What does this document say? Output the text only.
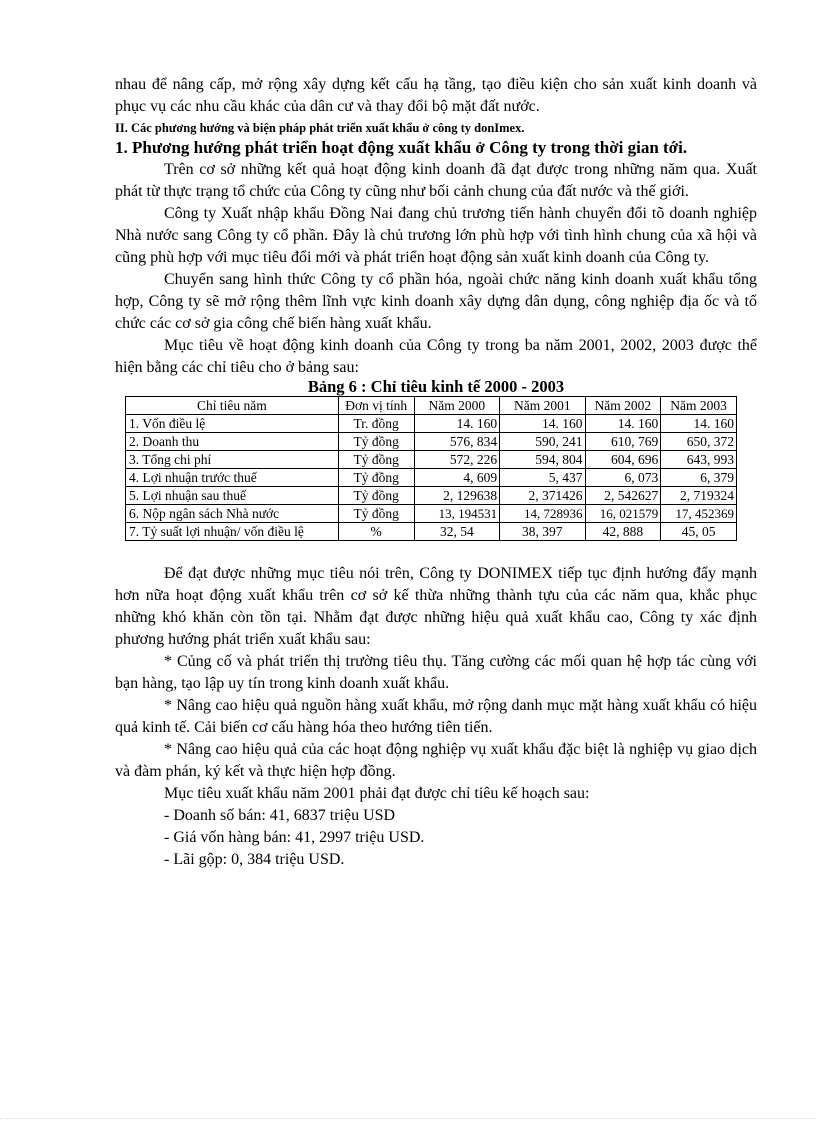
nhau để nâng cấp, mở rộng xây dựng kết cấu hạ tầng, tạo điều kiện cho sản xuất kinh doanh và phục vụ các nhu cầu khác của dân cư và thay đổi bộ mặt đất nước.

II. Các phương hướng và biện pháp phát triển xuất khẩu ở công ty donImex.

1. Phương hướng phát triển hoạt động xuất khẩu ở Công ty trong thời gian tới.

Trên cơ sở những kết quả hoạt động kinh doanh đã đạt được trong những năm qua. Xuất phát từ thực trạng tổ chức của Công ty cũng như bối cảnh chung của đất nước và thế giới.

Công ty Xuất nhập khẩu Đồng Nai đang chủ trương tiến hành chuyển đổi tõ doanh nghiệp Nhà nước sang Công ty cổ phần. Đây là chủ trương lớn phù hợp với tình hình chung của xã hội và cũng phù hợp với mục tiêu đổi mới và phát triển hoạt động sản xuất kinh doanh của Công ty.

Chuyển sang hình thức Công ty cổ phần hóa, ngoài chức năng kinh doanh xuất khẩu tổng hợp, Công ty sẽ mở rộng thêm lĩnh vực kinh doanh xây dựng dân dụng, công nghiệp địa ốc và tổ chức các cơ sở gia công chế biến hàng xuất khẩu.

Mục tiêu về hoạt động kinh doanh của Công ty trong ba năm 2001, 2002, 2003 được thể hiện bằng các chỉ tiêu cho ở bảng sau:

Bảng 6 : Chỉ tiêu kinh tế 2000 - 2003

Chỉ tiêu năm	Đơn vị tính	Năm 2000	Năm 2001	Năm 2002	Năm 2003
1. Vốn điều lệ	Tr. đồng	14. 160	14. 160	14. 160	14. 160
2. Doanh thu	Tỷ đồng	576, 834	590, 241	610, 769	650, 372
3. Tổng chi phí	Tỷ đồng	572, 226	594, 804	604, 696	643, 993
4. Lợi nhuận trước thuế	Tỷ đồng	4, 609	5, 437	6, 073	6, 379
5. Lợi nhuận sau thuế	Tỷ đồng	2, 129638	2, 371426	2, 542627	2, 719324
6. Nộp ngân sách Nhà nước	Tỷ đồng	13, 194531	14, 728936	16, 021579	17, 452369
7. Tỷ suất lợi nhuận/ vốn điều lệ	%	32, 54	38, 397	42, 888	45, 05

Để đạt được những mục tiêu nói trên, Công ty DONIMEX tiếp tục định hướng đẩy mạnh hơn nữa hoạt động xuất khẩu trên cơ sở kế thừa những thành tựu của các năm qua, khắc phục những khó khăn còn tồn tại. Nhằm đạt được những hiệu quả xuất khẩu cao, Công ty xác định phương hướng phát triển xuất khẩu sau:

* Củng cố và phát triển thị trường tiêu thụ. Tăng cường các mối quan hệ hợp tác cùng với bạn hàng, tạo lập uy tín trong kinh doanh xuất khẩu.

* Nâng cao hiệu quả nguồn hàng xuất khẩu, mở rộng danh mục mặt hàng xuất khẩu có hiệu quả kinh tế. Cải biến cơ cấu hàng hóa theo hướng tiên tiến.

* Nâng cao hiệu quả của các hoạt động nghiệp vụ xuất khẩu đặc biệt là nghiệp vụ giao dịch và đàm phán, ký kết và thực hiện hợp đồng.

Mục tiêu xuất khẩu năm 2001 phải đạt được chỉ tiêu kế hoạch sau:

- Doanh số bán: 41, 6837 triệu USD

- Giá vốn hàng bán: 41, 2997 triệu USD.

- Lãi gộp: 0, 384 triệu USD.
